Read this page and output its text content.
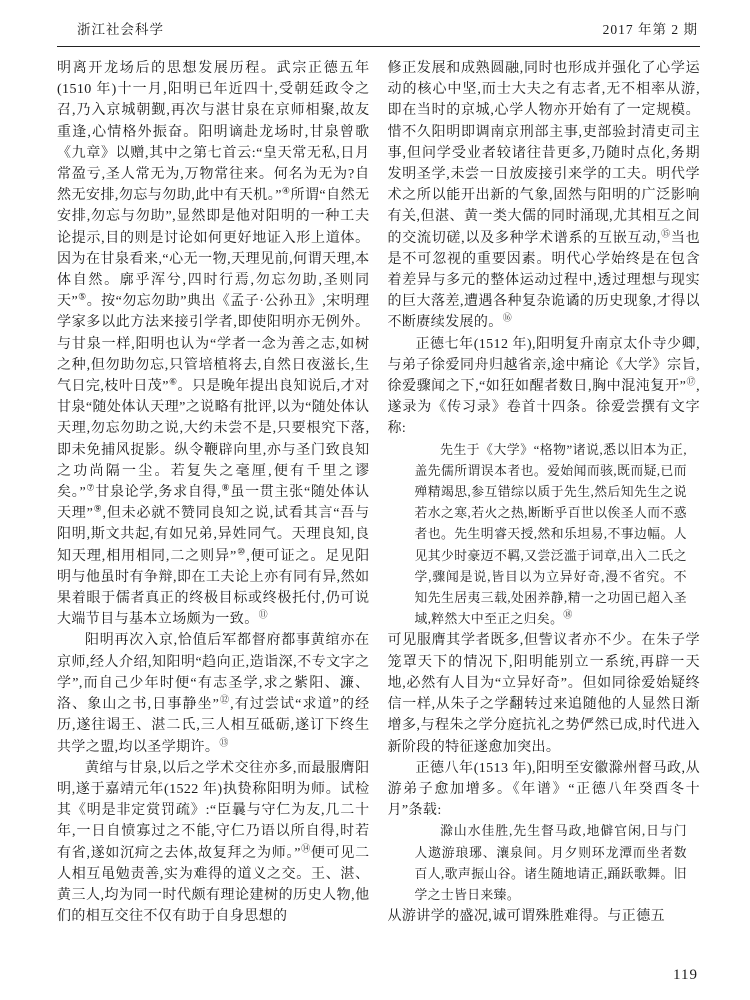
浙江社会科学	2017 年第 2 期

明离开龙场后的思想发展历程。武宗正德五年(1510 年)十一月,阳明已年近四十,受朝廷政令之召,乃入京城朝觐,再次与湛甘泉在京师相聚,故友重逢,心情格外振奋。阳明谪赴龙场时,甘泉曾歌《九章》以赠,其中之第七首云:“皇天常无私,日月常盈亏,圣人常无为,万物常往来。何名为无为?自然无安排,勿忘与勿助,此中有天机。”④所谓“自然无安排,勿忘与勿助”,显然即是他对阳明的一种工夫论提示,目的则是讨论如何更好地证入形上道体。因为在甘泉看来,“心无一物,天理见前,何谓天理,本体自然。廓乎浑兮,四时行焉,勿忘勿助,圣则同天”⑤。按“勿忘勿助”典出《孟子·公孙丑》,宋明理学家多以此方法来接引学者,即使阳明亦无例外。与甘泉一样,阳明也认为“学者一念为善之志,如树之种,但勿助勿忘,只管培植将去,自然日夜滋长,生气日完,枝叶日茂”⑥。只是晚年提出良知说后,才对甘泉“随处体认天理”之说略有批评,以为“随处体认天理,勿忘勿助之说,大约未尝不是,只要根究下落,即未免捕风捉影。纵令鞭辟向里,亦与圣门致良知之功尚隔一尘。若复失之毫厘,便有千里之谬矣。”⑦甘泉论学,务求自得,⑧虽一贯主张“随处体认天理”⑨,但未必就不赞同良知之说,试看其言“吾与阳明,斯文共起,有如兄弟,异姓同气。天理良知,良知天理,相用相同,二之则异”⑩,便可证之。足见阳明与他虽时有争辩,即在工夫论上亦有同有异,然如果着眼于儒者真正的终极目标或终极托付,仍可说大端节目与基本立场颇为一致。⑪

阳明再次入京,恰值后军都督府都事黄绾亦在京师,经人介绍,知阳明“趋向正,造诣深,不专文字之学”,而自己少年时便“有志圣学,求之紫阳、濂、洛、象山之书,日事静坐”⑫,有过尝试“求道”的经历,遂往谒王、湛二氏,三人相互砥砺,遂订下终生共学之盟,均以圣学期许。⑬

黄绾与甘泉,以后之学术交往亦多,而最服膺阳明,遂于嘉靖元年(1522 年)执贽称阳明为师。试检其《明是非定赏罚疏》:“臣曩与守仁为友,几二十年,一日自愤寡过之不能,守仁乃语以所自得,时若有省,遂如沉疴之去体,故复拜之为师。”⑭便可见二人相互黾勉责善,实为难得的道义之交。王、湛、黄三人,均为同一时代颇有理论建树的历史人物,他们的相互交往不仅有助于自身思想的

修正发展和成熟圆融,同时也形成并强化了心学运动的核心中坚,而士大夫之有志者,无不相率从游,即在当时的京城,心学人物亦开始有了一定规模。惜不久阳明即调南京刑部主事,吏部验封清吏司主事,但问学受业者较诸往昔更多,乃随时点化,务期发明圣学,未尝一日放废接引来学的工夫。明代学术之所以能开出新的气象,固然与阳明的广泛影响有关,但湛、黄一类大儒的同时涌现,尤其相互之间的交流切磋,以及多种学术谱系的互嵌互动,⑮当也是不可忽视的重要因素。明代心学始终是在包含着差异与多元的整体运动过程中,透过理想与现实的巨大落差,遭遇各种复杂诡谲的历史现象,才得以不断赓续发展的。⑯

正德七年(1512 年),阳明复升南京太仆寺少卿,与弟子徐爱同舟归越省亲,途中痛论《大学》宗旨,徐爱骤闻之下,“如狂如醒者数日,胸中混沌复开”⑰,遂录为《传习录》卷首十四条。徐爱尝撰有文字称:

先生于《大学》“格物”诸说,悉以旧本为正,盖先儒所谓误本者也。爱始闻而骇,既而疑,已而殚精竭思,参互错综以质于先生,然后知先生之说若水之寒,若火之热,断断乎百世以俟圣人而不惑者也。先生明睿天授,然和乐坦易,不事边幅。人见其少时豪迈不羁,又尝泛滥于词章,出入二氏之学,骤闻是说,皆目以为立异好奇,漫不省究。不知先生居夷三载,处困养静,精一之功固已超入圣域,粹然大中至正之归矣。⑱

可见服膺其学者既多,但訾议者亦不少。在朱子学笼罩天下的情况下,阳明能别立一系统,再辟一天地,必然有人目为“立异好奇”。但如同徐爱始疑终信一样,从朱子之学翻转过来追随他的人显然日渐增多,与程朱之学分庭抗礼之势俨然已成,时代进入新阶段的特征遂愈加突出。

正德八年(1513 年),阳明至安徽滁州督马政,从游弟子愈加增多。《年谱》“正德八年癸酉冬十月”条载:

滁山水佳胜,先生督马政,地僻官闲,日与门人遨游琅琊、瀼泉间。月夕则环龙潭而坐者数百人,歌声振山谷。诸生随地请正,踊跃歌舞。旧学之士皆日来臻。

从游讲学的盛况,诚可谓殊胜难得。与正德五

119
